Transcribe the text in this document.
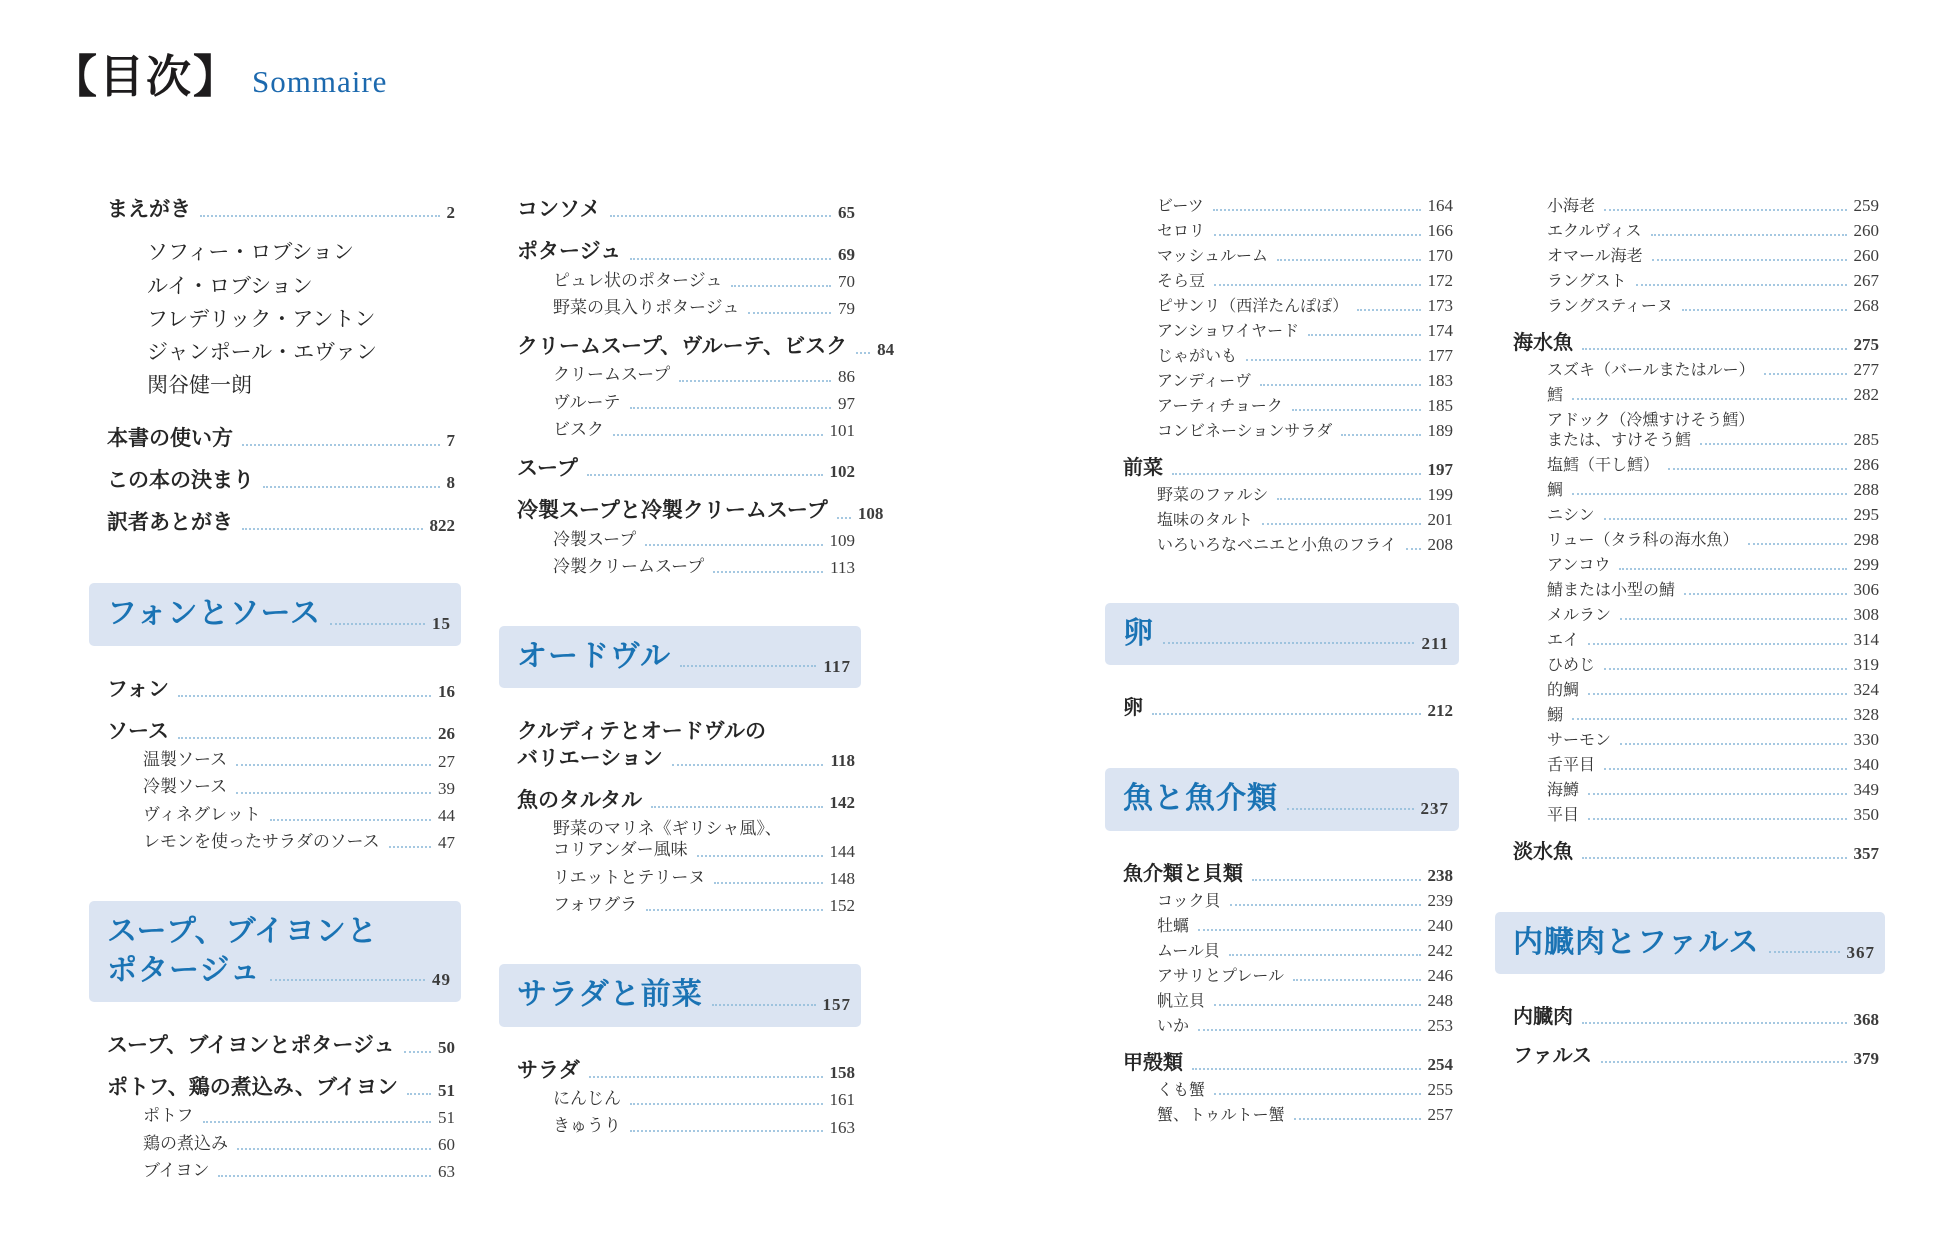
【目次】 Sommaire
まえがき	2
ソフィー・ロブション
ルイ・ロブション
フレデリック・アントン
ジャンポール・エヴァン
関谷健一朗
本書の使い方	7
この本の決まり	8
訳者あとがき	822
フォンとソース	15
フォン	16
ソース	26
温製ソース	27
冷製ソース	39
ヴィネグレット	44
レモンを使ったサラダのソース	47
スープ、ブイヨンと
ポタージュ	49
スープ、ブイヨンとポタージュ	50
ポトフ、鶏の煮込み、ブイヨン 51
ポトフ	51
鶏の煮込み	60
ブイヨン	63
コンソメ	65
ポタージュ	69
ピュレ状のポタージュ	70
野菜の具入りポタージュ	79
クリームスープ、ヴルーテ、ビスク 84
クリームスープ	86
ヴルーテ	97
ビスク	101
スープ	102
冷製スープと冷製クリームスープ 108
冷製スープ	109
冷製クリームスープ	113
オードヴル	117
クルディテとオードヴルの
バリエーション	118
魚のタルタル	142
野菜のマリネ《ギリシャ風》、
コリアンダー風味	144
リエットとテリーヌ	148
フォワグラ	152
サラダと前菜	157
サラダ	158
にんじん	161
きゅうり	163
ビーツ	164
セロリ	166
マッシュルーム	170
そら豆	172
ピサンリ（西洋たんぽぽ）	173
アンショワイヤード	174
じゃがいも	177
アンディーヴ	183
アーティチョーク	185
コンビネーションサラダ	189
前菜	197
野菜のファルシ	199
塩味のタルト	201
いろいろなベニエと小魚のフライ 208
卵	211
卵	212
魚と魚介類	237
魚介類と貝類	238
コック貝	239
牡蠣	240
ムール貝	242
アサリとプレール	246
帆立貝	248
いか	253
甲殻類	254
くも蟹	255
蟹、トゥルトー蟹	257
小海老	259
エクルヴィス	260
オマール海老	260
ラングスト	267
ラングスティーヌ	268
海水魚	275
スズキ（バールまたはルー）	277
鱈	282
アドック（冷燻すけそう鱈）
または、すけそう鱈	285
塩鱈（干し鱈）	286
鯛	288
ニシン	295
リュー（タラ科の海水魚）	298
アンコウ	299
鯖または小型の鯖	306
メルラン	308
エイ	314
ひめじ	319
的鯛	324
鰯	328
サーモン	330
舌平目	340
海鱒	349
平目	350
淡水魚	357
内臓肉とファルス	367
内臓肉	368
ファルス	379
